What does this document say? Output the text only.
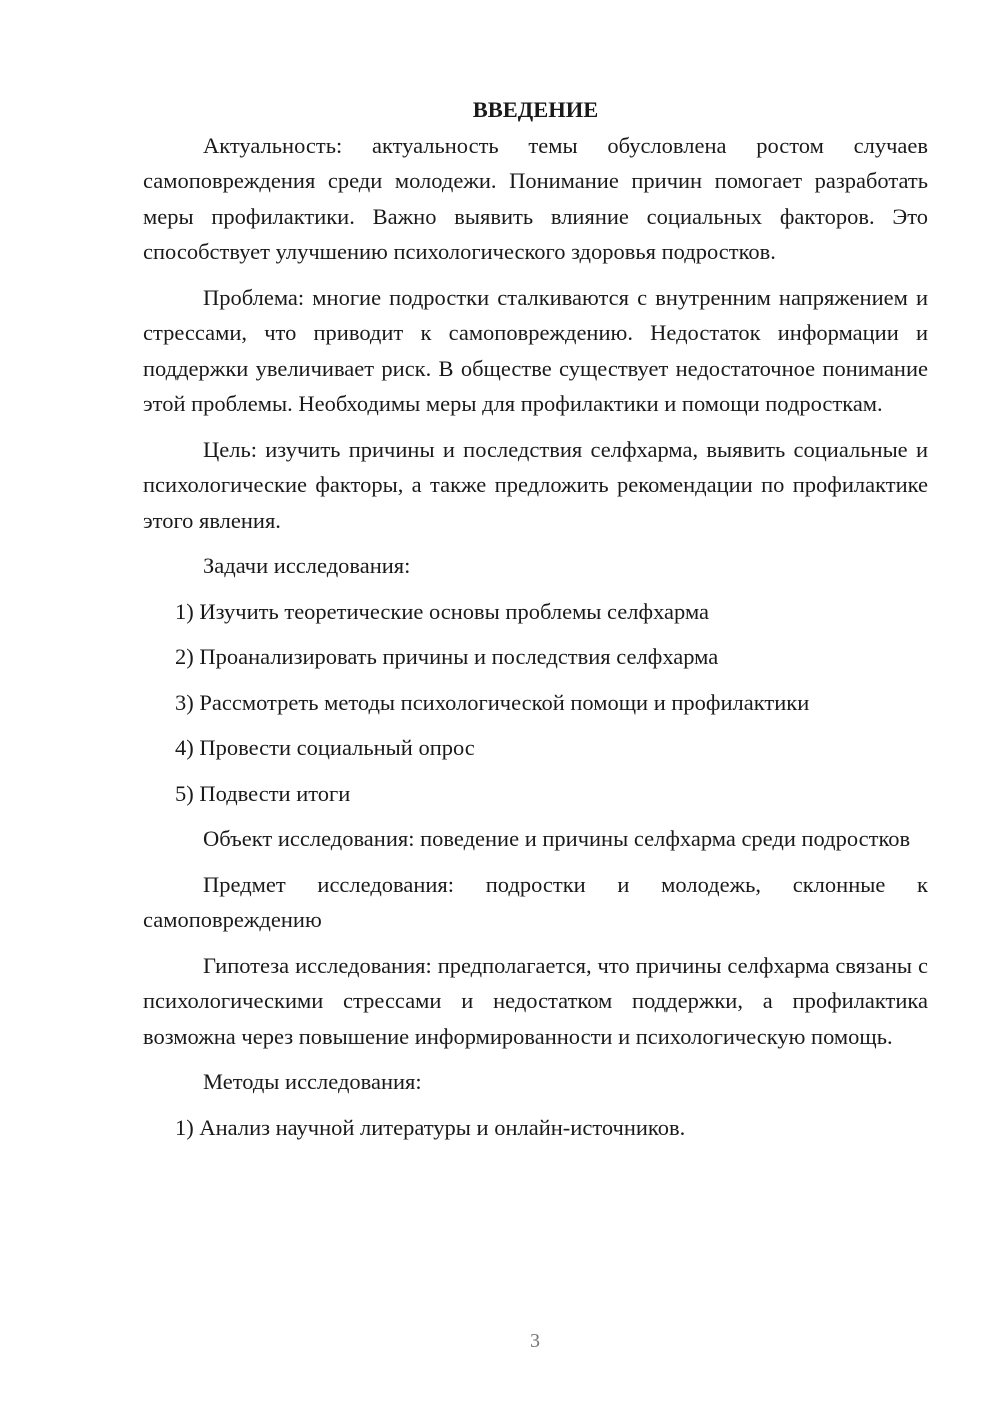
ВВЕДЕНИЕ

Актуальность: актуальность темы обусловлена ростом случаев самоповреждения среди молодежи. Понимание причин помогает разработать меры профилактики. Важно выявить влияние социальных факторов. Это способствует улучшению психологического здоровья подростков.

Проблема: многие подростки сталкиваются с внутренним напряжением и стрессами, что приводит к самоповреждению. Недостаток информации и поддержки увеличивает риск. В обществе существует недостаточное понимание этой проблемы. Необходимы меры для профилактики и помощи подросткам.

Цель: изучить причины и последствия селфхарма, выявить социальные и психологические факторы, а также предложить рекомендации по профилактике этого явления.

Задачи исследования:

1) Изучить теоретические основы проблемы селфхарма
2) Проанализировать причины и последствия селфхарма
3) Рассмотреть методы психологической помощи и профилактики
4) Провести социальный опрос
5) Подвести итоги

Объект исследования: поведение и причины селфхарма среди подростков

Предмет исследования: подростки и молодежь, склонные к самоповреждению

Гипотеза исследования: предполагается, что причины селфхарма связаны с психологическими стрессами и недостатком поддержки, а профилактика возможна через повышение информированности и психологическую помощь.

Методы исследования:

1) Анализ научной литературы и онлайн-источников.
3
